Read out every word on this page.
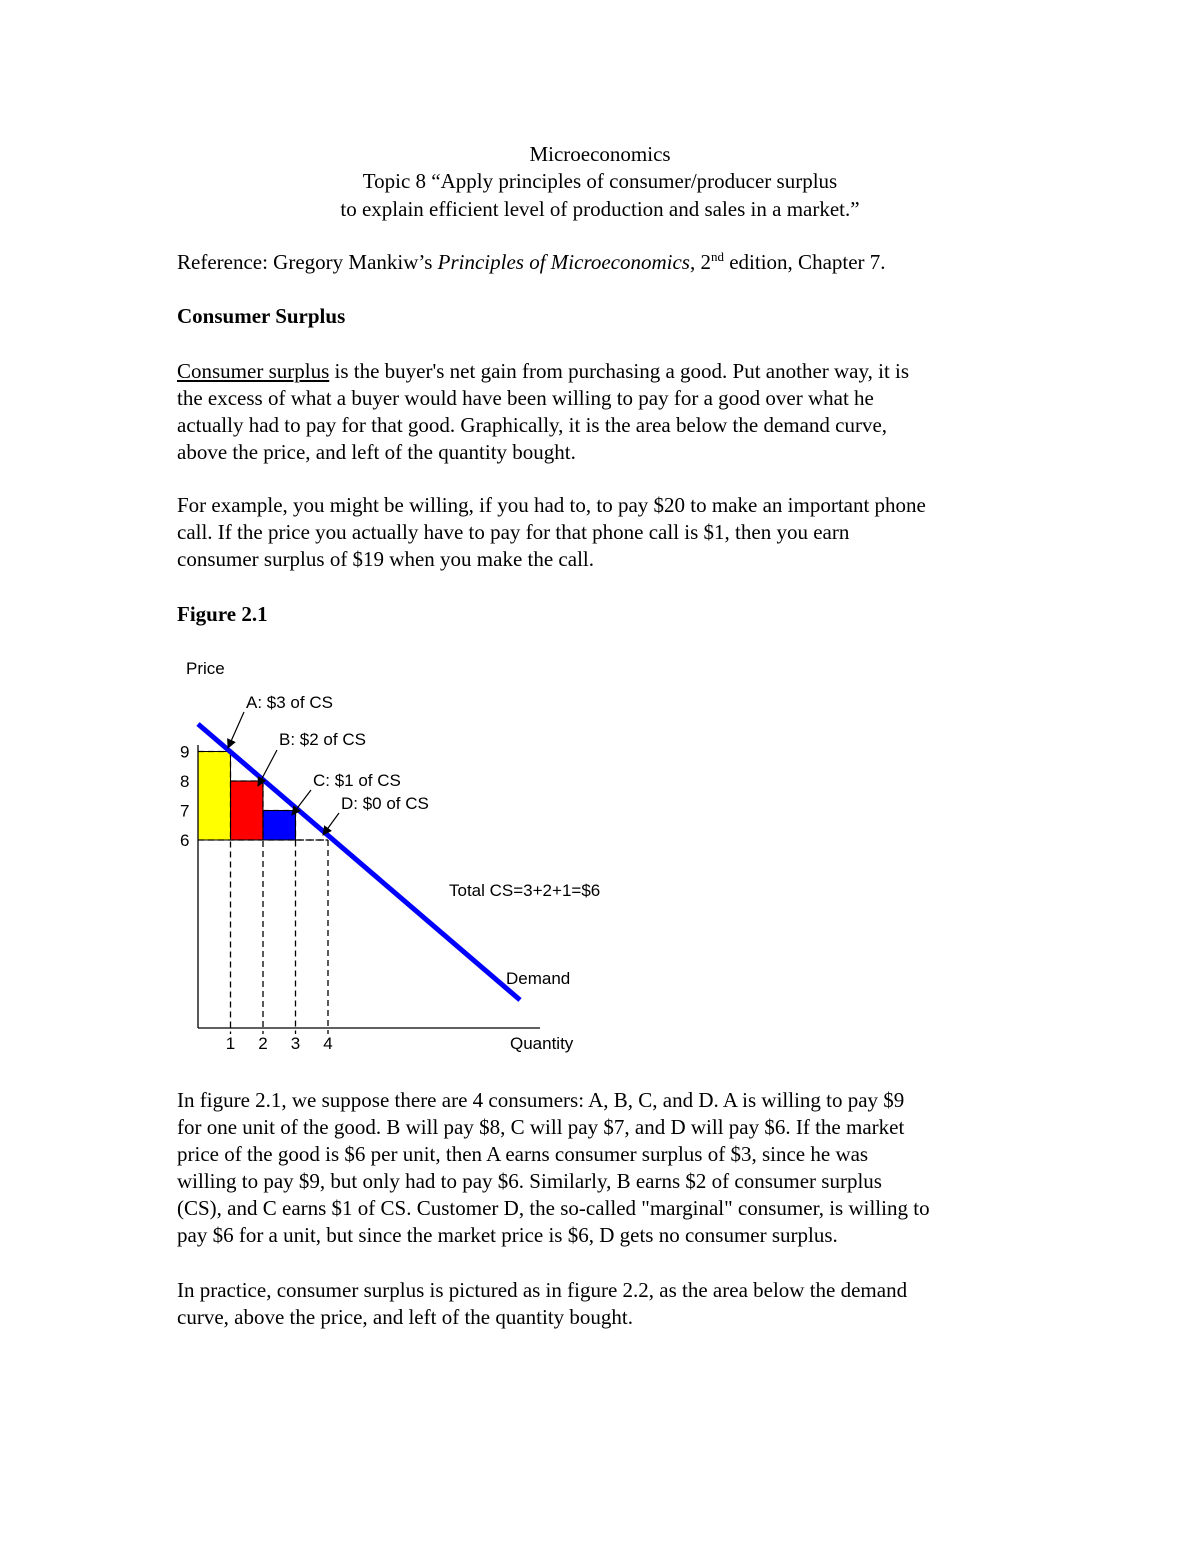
Microeconomics
Topic 8 “Apply principles of consumer/producer surplus
to explain efficient level of production and sales in a market.”
Reference: Gregory Mankiw’s Principles of Microeconomics, 2nd edition, Chapter 7.
Consumer Surplus
Consumer surplus is the buyer's net gain from purchasing a good. Put another way, it is
the excess of what a buyer would have been willing to pay for a good over what he
actually had to pay for that good. Graphically, it is the area below the demand curve,
above the price, and left of the quantity bought.
For example, you might be willing, if you had to, to pay $20 to make an important phone
call. If the price you actually have to pay for that phone call is $1, then you earn
consumer surplus of $19 when you make the call.
Figure 2.1
9
8
7
6
1 2 3 4
Price
Quantity
A: $3 of CS
B: $2 of CS
C: $1 of CS
D: $0 of CS
Total CS=3+2+1=$6
Demand
In figure 2.1, we suppose there are 4 consumers: A, B, C, and D. A is willing to pay $9
for one unit of the good. B will pay $8, C will pay $7, and D will pay $6. If the market
price of the good is $6 per unit, then A earns consumer surplus of $3, since he was
willing to pay $9, but only had to pay $6. Similarly, B earns $2 of consumer surplus
(CS), and C earns $1 of CS. Customer D, the so-called "marginal" consumer, is willing to
pay $6 for a unit, but since the market price is $6, D gets no consumer surplus.
In practice, consumer surplus is pictured as in figure 2.2, as the area below the demand
curve, above the price, and left of the quantity bought.
